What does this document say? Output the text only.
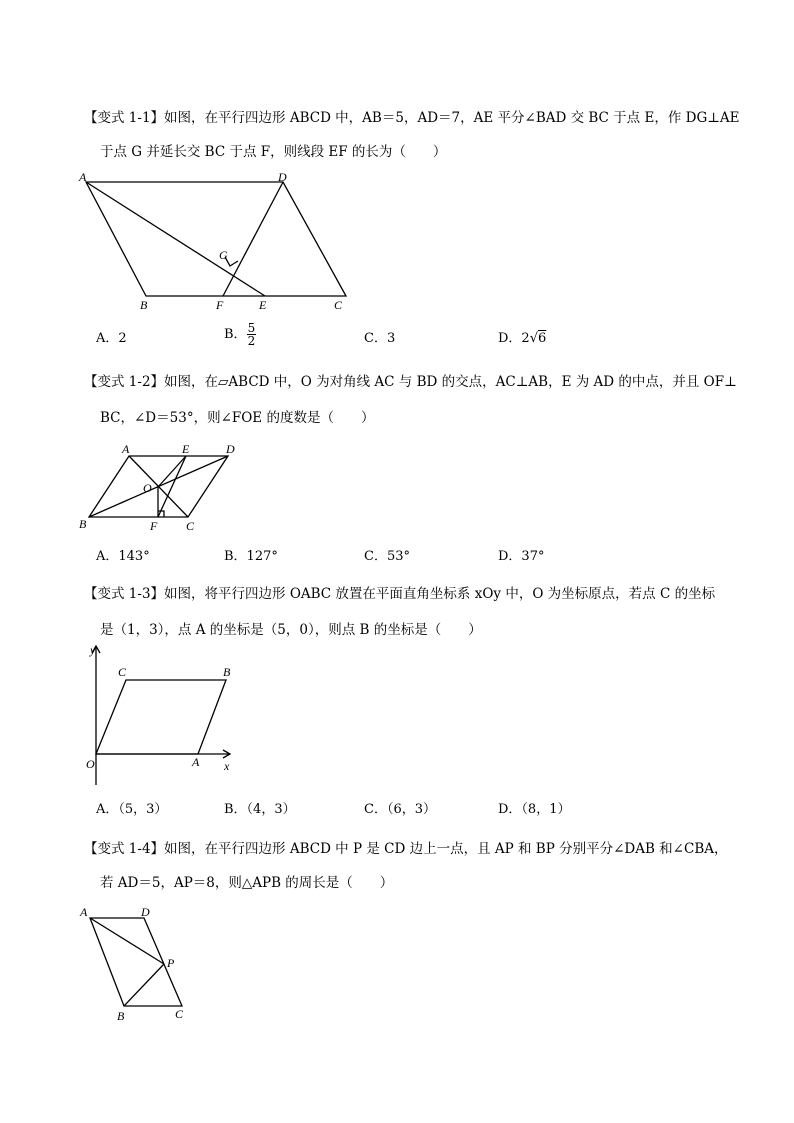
【变式 1-1】如图，在平行四边形 ABCD 中，AB＝5，AD＝7，AE 平分∠BAD 交 BC 于点 E，作 DG⊥AE
于点 G 并延长交 BC 于点 F，则线段 EF 的长为（　　）
A	D
G
B	F	E	C
A．2	B． $\frac{5}{2}$	C．3	D．2√6
【变式 1-2】如图，在▱ABCD 中，O 为对角线 AC 与 BD 的交点，AC⊥AB，E 为 AD 的中点，并且 OF⊥
BC，∠D＝53°，则∠FOE 的度数是（　　）
A	E	D
O
B	F C
A．143°	B．127°	C．53°	D．37°
【变式 1-3】如图，将平行四边形 OABC 放置在平面直角坐标系 xOy 中，O 为坐标原点，若点 C 的坐标
是（1，3），点 A 的坐标是（5，0），则点 B 的坐标是（　　）
y
C	B
O	A x
A．（5，3）	B．（4，3）	C．（6，3）	D．（8，1）
【变式 1-4】如图，在平行四边形 ABCD 中 P 是 CD 边上一点，且 AP 和 BP 分别平分∠DAB 和∠CBA，
若 AD＝5，AP＝8，则△APB 的周长是（　　）
A	D
P
B	C
